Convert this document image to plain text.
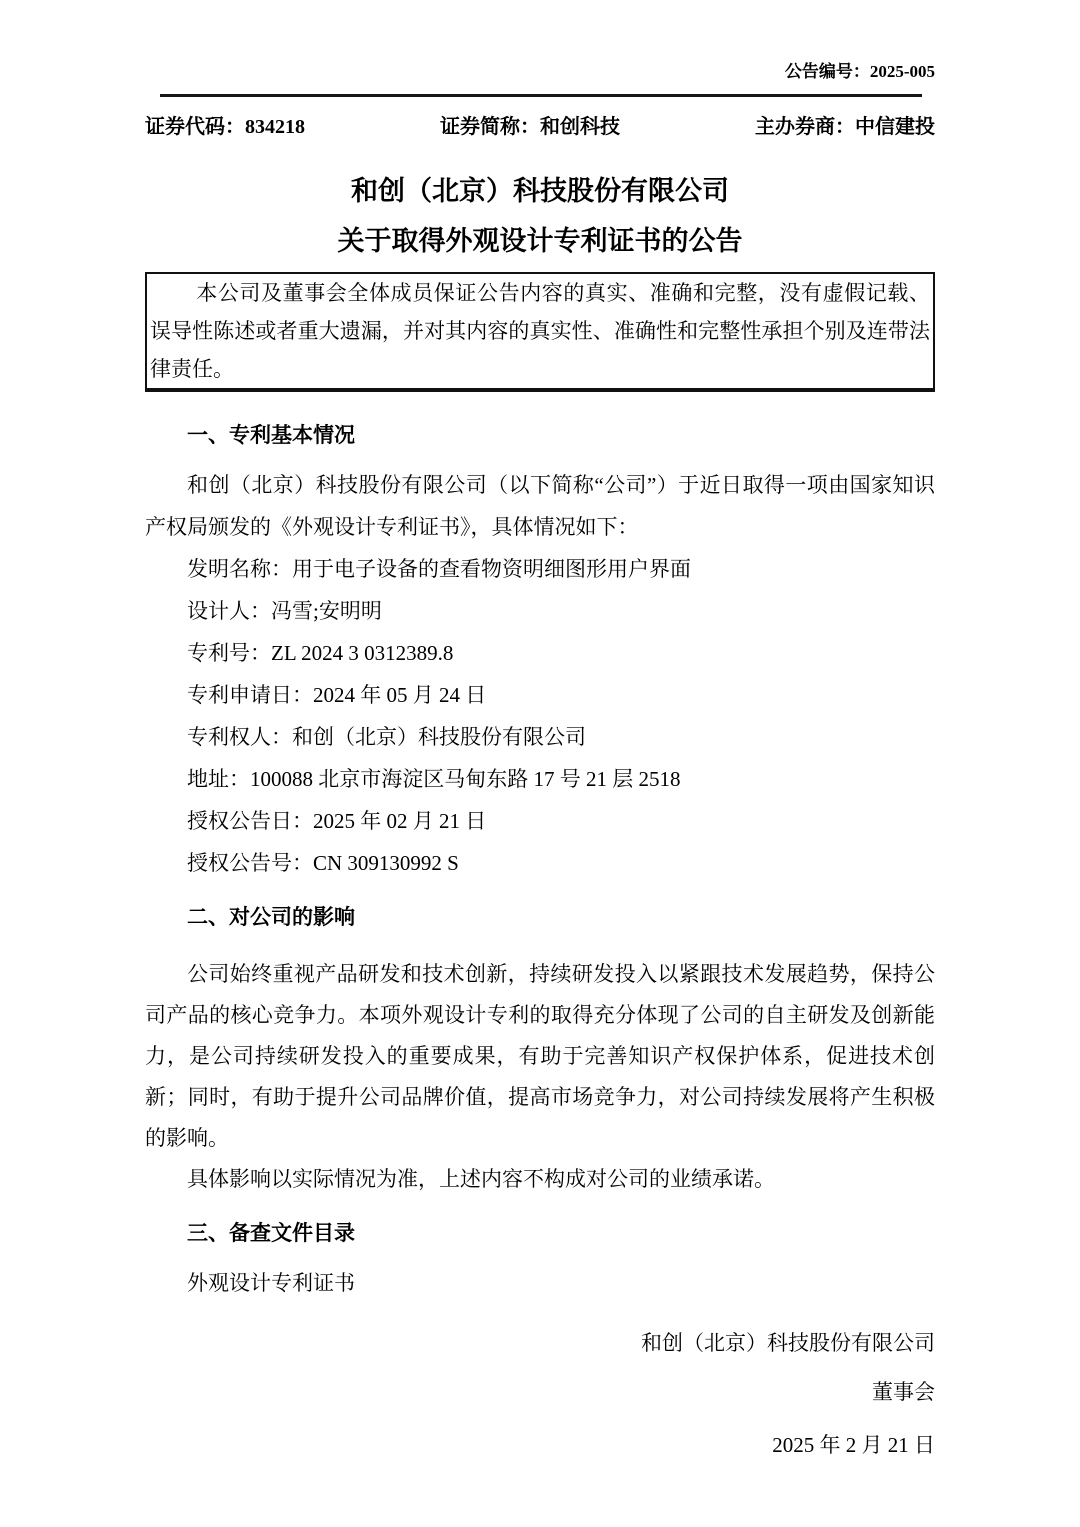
公告编号：2025-005
证券代码：834218	证券简称：和创科技	主办券商：中信建投
和创（北京）科技股份有限公司
关于取得外观设计专利证书的公告
本公司及董事会全体成员保证公告内容的真实、准确和完整，没有虚假记载、误导性陈述或者重大遗漏，并对其内容的真实性、准确性和完整性承担个别及连带法律责任。
一、专利基本情况
和创（北京）科技股份有限公司（以下简称“公司”）于近日取得一项由国家知识产权局颁发的《外观设计专利证书》，具体情况如下：
发明名称：用于电子设备的查看物资明细图形用户界面
设计人：冯雪;安明明
专利号：ZL 2024 3 0312389.8
专利申请日：2024 年 05 月 24 日
专利权人：和创（北京）科技股份有限公司
地址：100088 北京市海淀区马甸东路 17 号 21 层 2518
授权公告日：2025 年 02 月 21 日
授权公告号：CN 309130992 S
二、对公司的影响
公司始终重视产品研发和技术创新，持续研发投入以紧跟技术发展趋势，保持公司产品的核心竞争力。本项外观设计专利的取得充分体现了公司的自主研发及创新能力，是公司持续研发投入的重要成果，有助于完善知识产权保护体系，促进技术创新；同时，有助于提升公司品牌价值，提高市场竞争力，对公司持续发展将产生积极的影响。
具体影响以实际情况为准，上述内容不构成对公司的业绩承诺。
三、备查文件目录
外观设计专利证书
和创（北京）科技股份有限公司
董事会
2025 年 2 月 21 日
